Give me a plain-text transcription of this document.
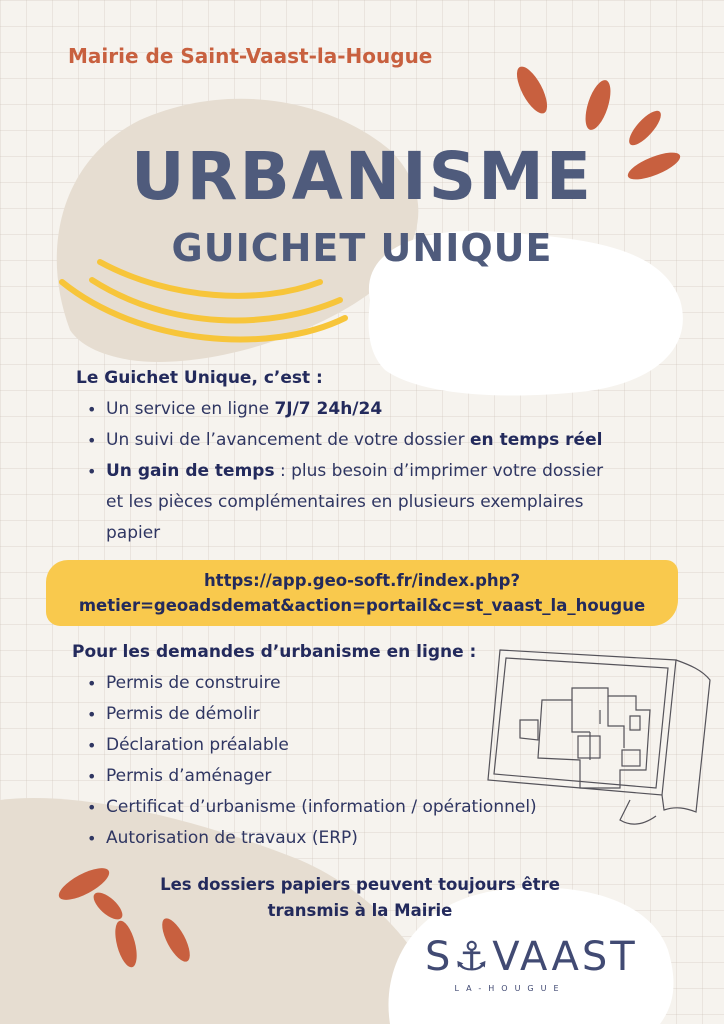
Mairie de Saint-Vaast-la-Hougue
URBANISME
GUICHET UNIQUE
Le Guichet Unique, c’est :
• Un service en ligne 7J/7 24h/24
• Un suivi de l’avancement de votre dossier en temps réel
• Un gain de temps : plus besoin d’imprimer votre dossier
et les pièces complémentaires en plusieurs exemplaires
papier
https://app.geo-soft.fr/index.php?
metier=geoadsdemat&action=portail&c=st_vaast_la_hougue
Pour les demandes d’urbanisme en ligne :
• Permis de construire
• Permis de démolir
• Déclaration préalable
• Permis d’aménager
• Certificat d’urbanisme (information / opérationnel)
• Autorisation de travaux (ERP)
Les dossiers papiers peuvent toujours être
transmis à la Mairie
S⚓VAAST
LA-HOUGUE
